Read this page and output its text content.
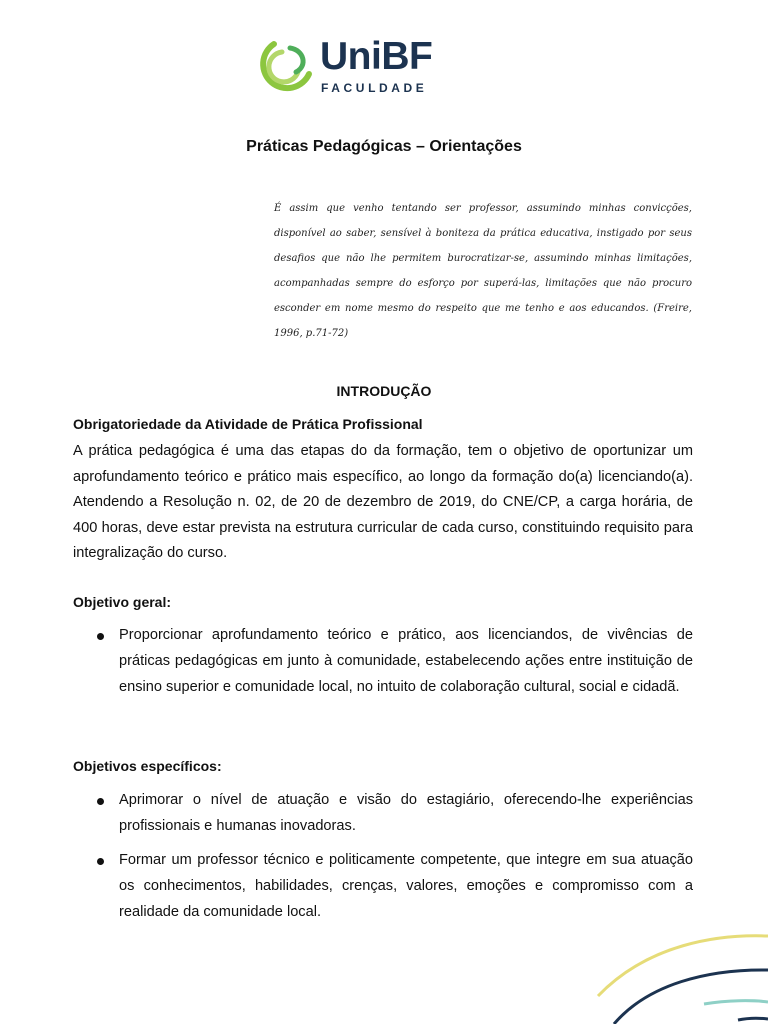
UniBF
FACULDADE
Práticas Pedagógicas – Orientações
É assim que venho tentando ser professor, assumindo minhas convicções, disponível ao saber, sensível à boniteza da prática educativa, instigado por seus desafios que não lhe permitem burocratizar-se, assumindo minhas limitações, acompanhadas sempre do esforço por superá-las, limitações que não procuro esconder em nome mesmo do respeito que me tenho e aos educandos. (Freire, 1996, p.71-72)
INTRODUÇÃO
Obrigatoriedade da Atividade de Prática Profissional
A prática pedagógica é uma das etapas do da formação, tem o objetivo de oportunizar um aprofundamento teórico e prático mais específico, ao longo da formação do(a) licenciando(a). Atendendo a Resolução n. 02, de 20 de dezembro de 2019, do CNE/CP, a carga horária, de 400 horas, deve estar prevista na estrutura curricular de cada curso, constituindo requisito para integralização do curso.
Objetivo geral:
Proporcionar aprofundamento teórico e prático, aos licenciandos, de vivências de práticas pedagógicas em junto à comunidade, estabelecendo ações entre instituição de ensino superior e comunidade local, no intuito de colaboração cultural, social e cidadã.
Objetivos específicos:
Aprimorar o nível de atuação e visão do estagiário, oferecendo-lhe experiências profissionais e humanas inovadoras.
Formar um professor técnico e politicamente competente, que integre em sua atuação os conhecimentos, habilidades, crenças, valores, emoções e compromisso com a realidade da comunidade local.
